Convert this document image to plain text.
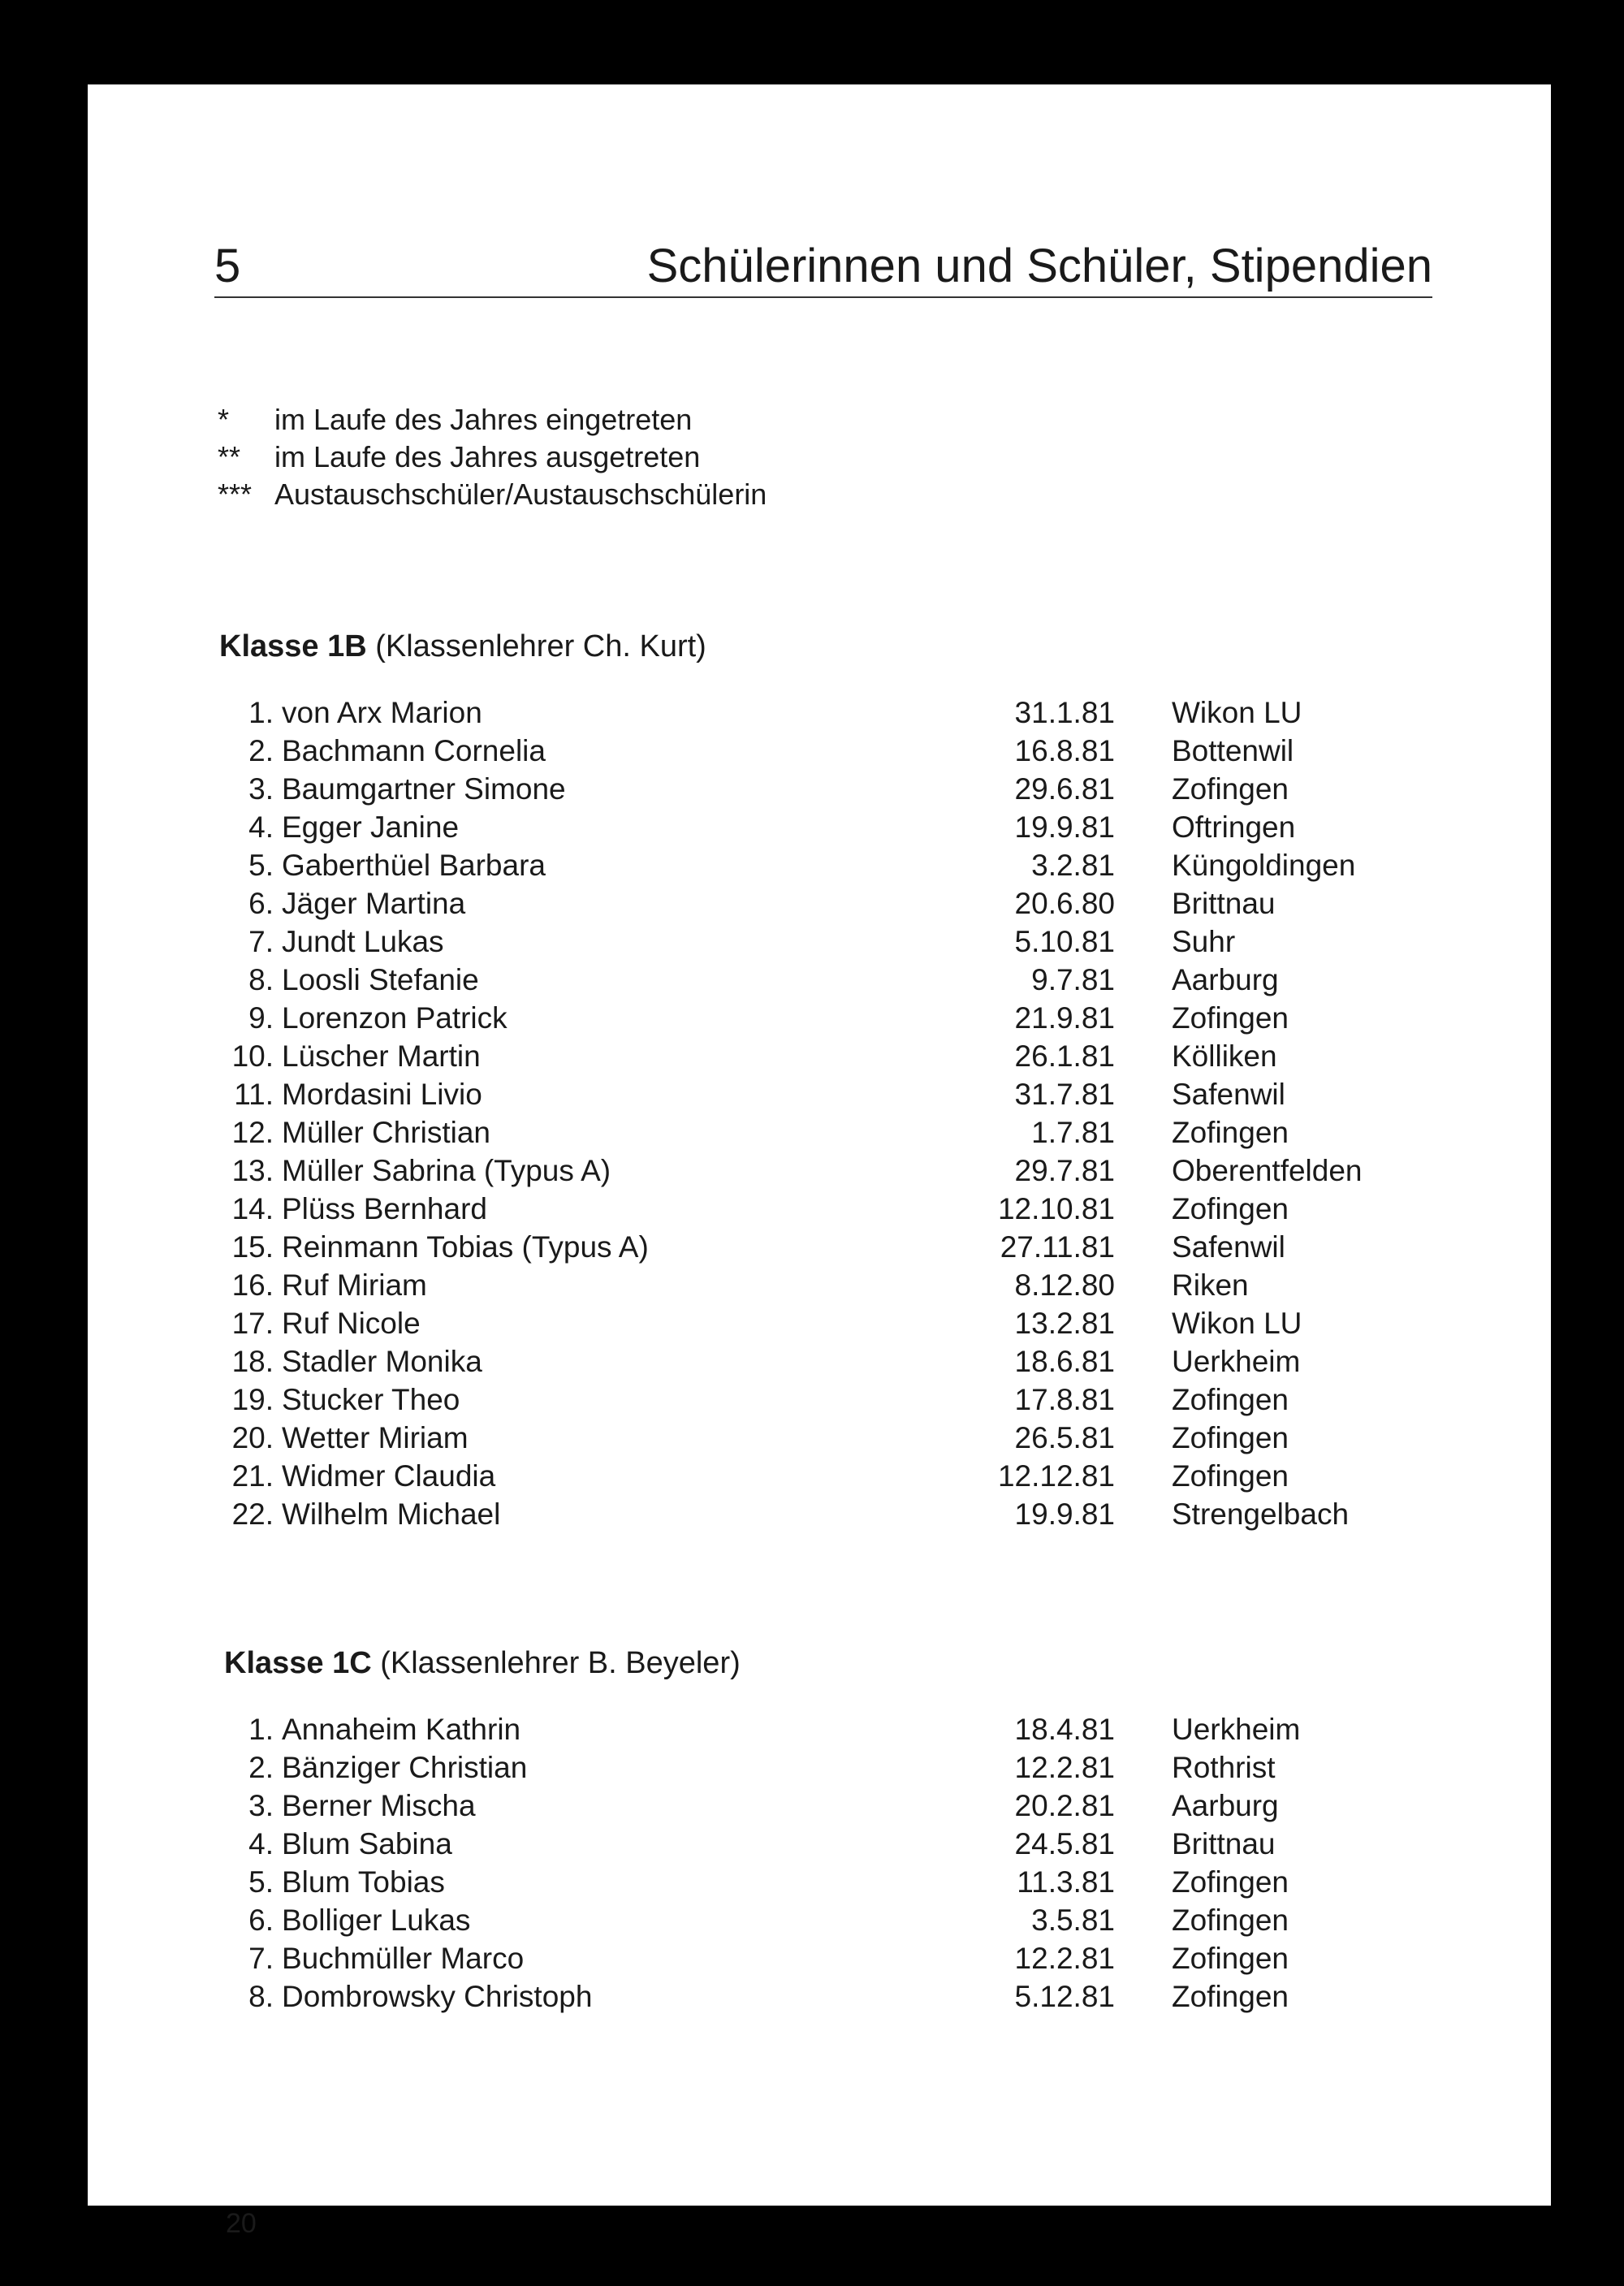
5	Schülerinnen und Schüler, Stipendien
*	im Laufe des Jahres eingetreten
**	im Laufe des Jahres ausgetreten
*** Austauschschüler/Austauschschülerin
Klasse 1B (Klassenlehrer Ch. Kurt)
1. von Arx Marion	31.1.81 Wikon LU
2. Bachmann Cornelia	16.8.81 Bottenwil
3. Baumgartner Simone	29.6.81 Zofingen
4. Egger Janine	19.9.81 Oftringen
5. Gaberthüel Barbara	3.2.81 Küngoldingen
6. Jäger Martina	20.6.80 Brittnau
7. Jundt Lukas	5.10.81 Suhr
8. Loosli Stefanie	9.7.81 Aarburg
9. Lorenzon Patrick	21.9.81 Zofingen
10. Lüscher Martin	26.1.81 Kölliken
11. Mordasini Livio	31.7.81 Safenwil
12. Müller Christian	1.7.81 Zofingen
13. Müller Sabrina (Typus A)	29.7.81 Oberentfelden
14. Plüss Bernhard	12.10.81 Zofingen
15. Reinmann Tobias (Typus A)	27.11.81 Safenwil
16. Ruf Miriam	8.12.80 Riken
17. Ruf Nicole	13.2.81 Wikon LU
18. Stadler Monika	18.6.81 Uerkheim
19. Stucker Theo	17.8.81 Zofingen
20. Wetter Miriam	26.5.81 Zofingen
21. Widmer Claudia	12.12.81 Zofingen
22. Wilhelm Michael	19.9.81 Strengelbach
Klasse 1C (Klassenlehrer B. Beyeler)
1. Annaheim Kathrin	18.4.81 Uerkheim
2. Bänziger Christian	12.2.81 Rothrist
3. Berner Mischa	20.2.81 Aarburg
4. Blum Sabina	24.5.81 Brittnau
5. Blum Tobias	11.3.81 Zofingen
6. Bolliger Lukas	3.5.81 Zofingen
7. Buchmüller Marco	12.2.81 Zofingen
8. Dombrowsky Christoph	5.12.81 Zofingen
20
